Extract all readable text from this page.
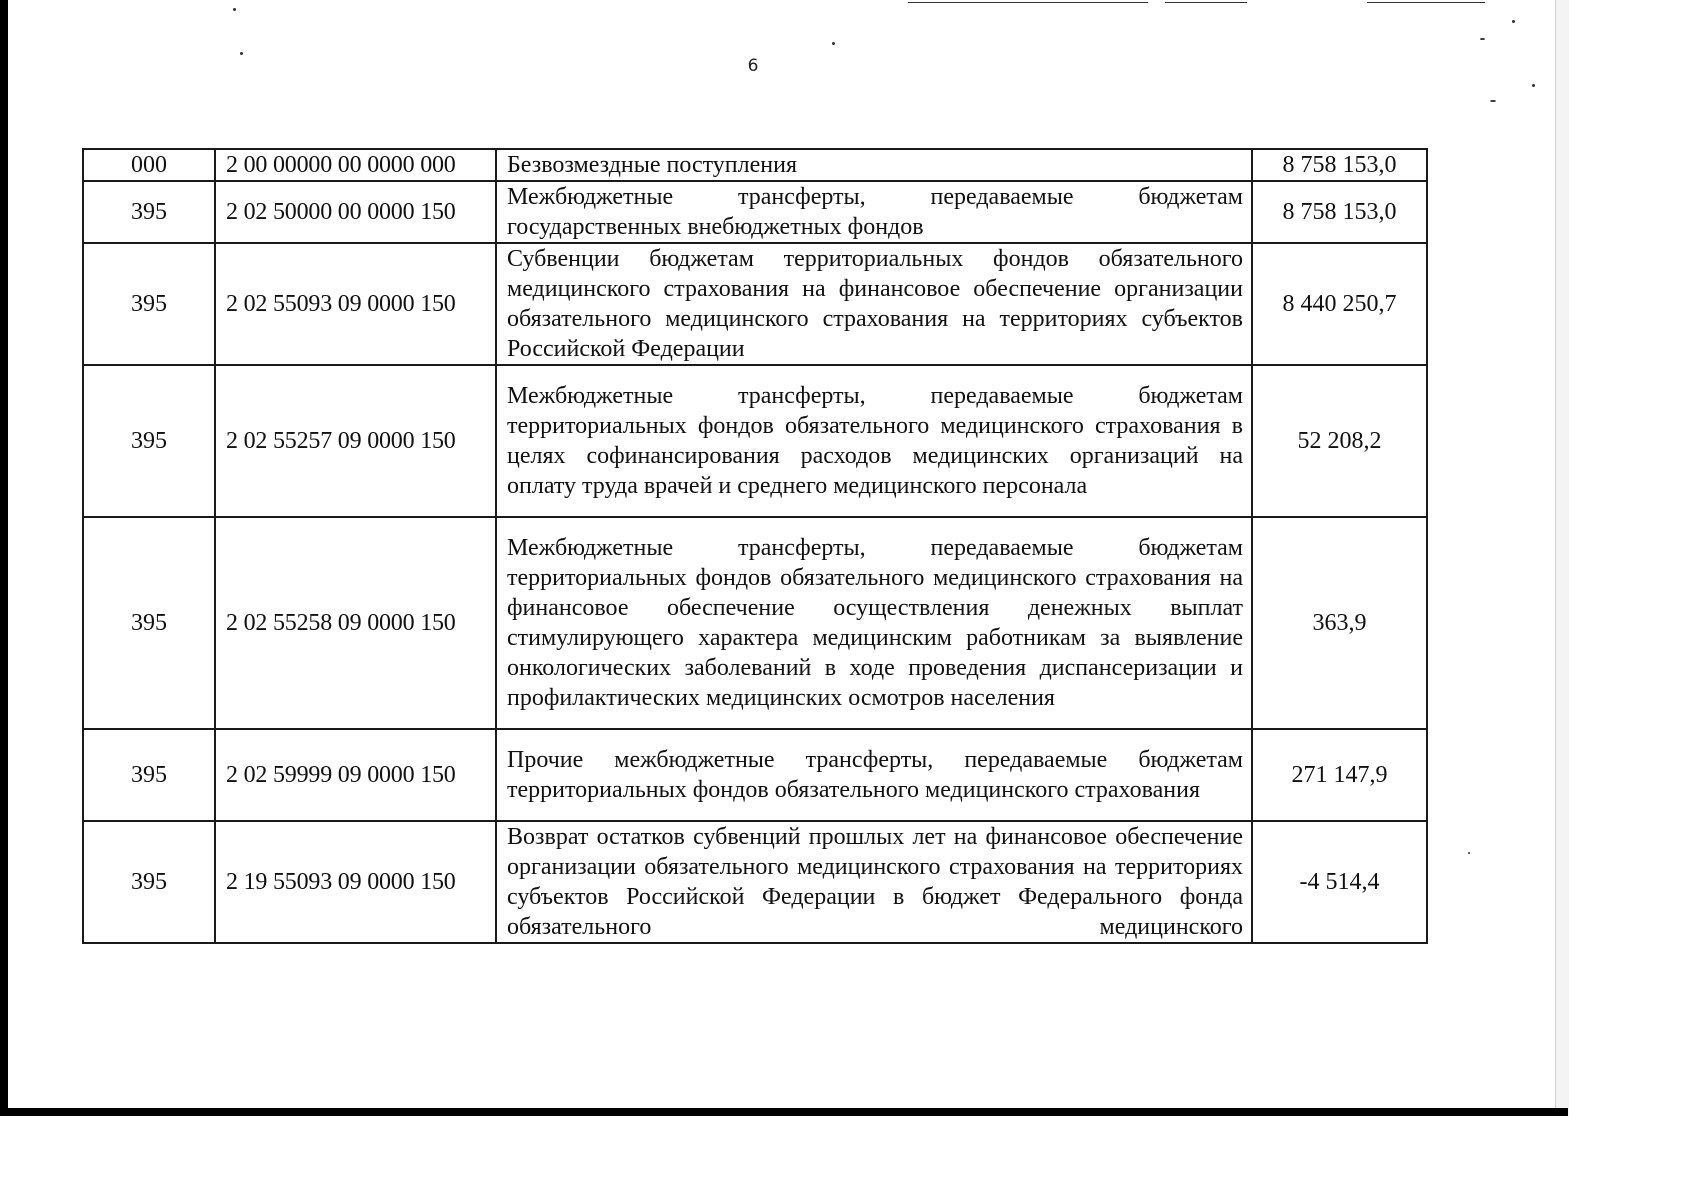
6
000	2 00 00000 00 0000 000	Безвозмездные поступления	8 758 153,0
395	2 02 50000 00 0000 150	Межбюджетные трансферты, передаваемые бюджетам государственных внебюджетных фондов	8 758 153,0
395	2 02 55093 09 0000 150	Субвенции бюджетам территориальных фондов обязательного медицинского страхования на финансовое обеспечение организации обязательного медицинского страхования на территориях субъектов Российской Федерации	8 440 250,7
395	2 02 55257 09 0000 150	Межбюджетные трансферты, передаваемые бюджетам территориальных фондов обязательного медицинского страхования в целях софинансирования расходов медицинских организаций на оплату труда врачей и среднего медицинского персонала	52 208,2
395	2 02 55258 09 0000 150	Межбюджетные трансферты, передаваемые бюджетам территориальных фондов обязательного медицинского страхования на финансовое обеспечение осуществления денежных выплат стимулирующего характера медицинским работникам за выявление онкологических заболеваний в ходе проведения диспансеризации и профилактических медицинских осмотров населения	363,9
395	2 02 59999 09 0000 150	Прочие межбюджетные трансферты, передаваемые бюджетам территориальных фондов обязательного медицинского страхования	271 147,9
395	2 19 55093 09 0000 150	Возврат остатков субвенций прошлых лет на финансовое обеспечение организации обязательного медицинского страхования на территориях субъектов Российской Федерации в бюджет Федерального фонда обязательного медицинского	-4 514,4
